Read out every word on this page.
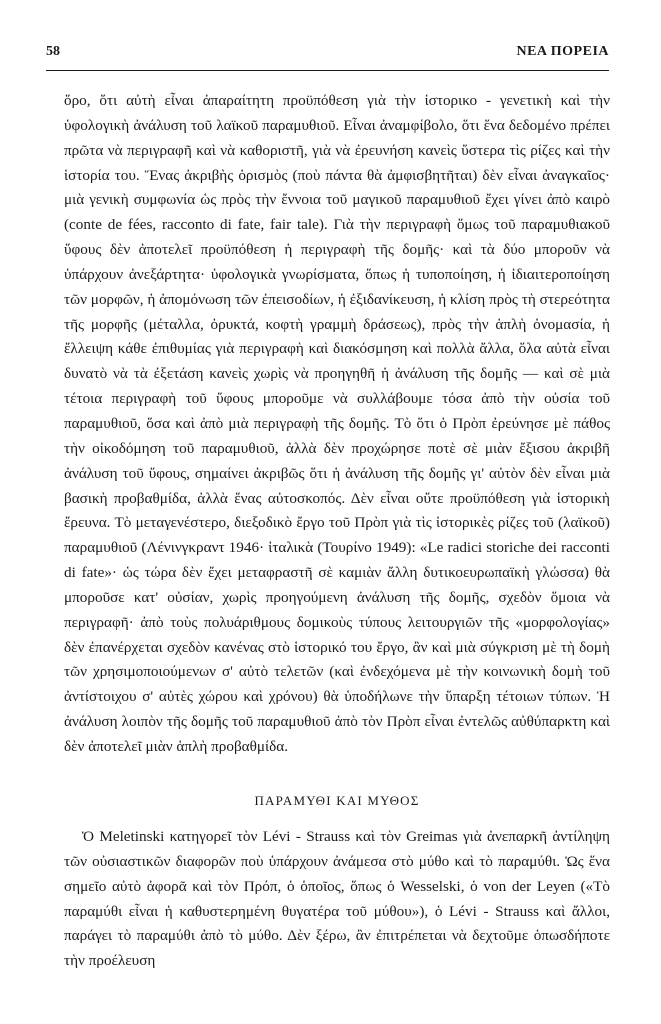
58	ΝΕΑ ΠΟΡΕΙΑ
ὅρο, ὅτι αὐτὴ εἶναι ἀπαραίτητη προϋπόθεση γιὰ τὴν ἱστορικο - γενετικὴ καὶ τὴν ὑφολογικὴ ἀνάλυση τοῦ λαϊκοῦ παραμυθιοῦ. Εἶναι ἀναμφίβολο, ὅτι ἕνα δεδομένο πρέπει πρῶτα νὰ περιγραφῆ καὶ νὰ καθοριστῆ, γιὰ νὰ ἐρευνήση κανεὶς ὕστερα τὶς ρίζες καὶ τὴν ἱστορία του. Ἕνας ἀκριβὴς ὁρισμὸς (ποὺ πάντα θὰ ἀμφισβητῆται) δὲν εἶναι ἀναγκαῖος· μιὰ γενικὴ συμφωνία ὡς πρὸς τὴν ἔννοια τοῦ μαγικοῦ παραμυθιοῦ ἔχει γίνει ἀπὸ καιρὸ (conte de fées, racconto di fate, fair tale). Γιὰ τὴν περιγραφὴ ὅμως τοῦ παραμυθιακοῦ ὕφους δὲν ἀποτελεῖ προϋπόθεση ἡ περιγραφὴ τῆς δομῆς· καὶ τὰ δύο μποροῦν νὰ ὑπάρχουν ἀνεξάρτητα· ὑφολογικὰ γνωρίσματα, ὅπως ἡ τυποποίηση, ἡ ἰδιαιτεροποίηση τῶν μορφῶν, ἡ ἀπομόνωση τῶν ἐπεισοδίων, ἡ ἐξιδανίκευση, ἡ κλίση πρὸς τὴ στερεότητα τῆς μορφῆς (μέταλλα, ὀρυκτά, κοφτὴ γραμμὴ δράσεως), πρὸς τὴν ἁπλὴ ὀνομασία, ἡ ἔλλειψη κάθε ἐπιθυμίας γιὰ περιγραφὴ καὶ διακόσμηση καὶ πολλὰ ἄλλα, ὅλα αὐτὰ εἶναι δυνατὸ νὰ τὰ ἐξετάση κανεὶς χωρὶς νὰ προηγηθῆ ἡ ἀνάλυση τῆς δομῆς — καὶ σὲ μιὰ τέτοια περιγραφὴ τοῦ ὕφους μποροῦμε νὰ συλλάβουμε τόσα ἀπὸ τὴν οὐσία τοῦ παραμυθιοῦ, ὅσα καὶ ἀπὸ μιὰ περιγραφὴ τῆς δομῆς. Τὸ ὅτι ὁ Πρὸπ ἐρεύνησε μὲ πάθος τὴν οἰκοδόμηση τοῦ παραμυθιοῦ, ἀλλὰ δὲν προχώρησε ποτὲ σὲ μιὰν ἔξισου ἀκριβῆ ἀνάλυση τοῦ ὕφους, σημαίνει ἀκριβῶς ὅτι ἡ ἀνάλυση τῆς δομῆς γι' αὐτὸν δὲν εἶναι μιὰ βασικὴ προβαθμίδα, ἀλλὰ ἕνας αὐτοσκοπός. Δὲν εἶναι οὔτε προϋπόθεση γιὰ ἱστορικὴ ἔρευνα. Τὸ μεταγενέστερο, διεξοδικὸ ἔργο τοῦ Πρὸπ γιὰ τὶς ἱστορικὲς ρίζες τοῦ (λαϊκοῦ) παραμυθιοῦ (Λένινγκραντ 1946· ἰταλικὰ (Τουρίνο 1949): «Le radici storiche dei racconti di fate»· ὡς τώρα δὲν ἔχει μεταφραστῆ σὲ καμιὰν ἄλλη δυτικοευρωπαϊκὴ γλώσσα) θὰ μποροῦσε κατ' οὐσίαν, χωρὶς προηγούμενη ἀνάλυση τῆς δομῆς, σχεδὸν ὅμοια νὰ περιγραφῆ· ἀπὸ τοὺς πολυάριθμους δομικοὺς τύπους λειτουργιῶν τῆς «μορφολογίας» δὲν ἐπανέρχεται σχεδὸν κανένας στὸ ἱστορικό του ἔργο, ἂν καὶ μιὰ σύγκριση μὲ τὴ δομὴ τῶν χρησιμοποιούμενων σ' αὐτὸ τελετῶν (καὶ ἐνδεχόμενα μὲ τὴν κοινωνικὴ δομὴ τοῦ ἀντίστοιχου σ' αὐτὲς χώρου καὶ χρόνου) θὰ ὑποδήλωνε τὴν ὕπαρξη τέτοιων τύπων. Ἡ ἀνάλυση λοιπὸν τῆς δομῆς τοῦ παραμυθιοῦ ἀπὸ τὸν Πρὸπ εἶναι ἐντελῶς αὐθύπαρκτη καὶ δὲν ἀποτελεῖ μιὰν ἁπλὴ προβαθμίδα.
ΠΑΡΑΜΥΘΙ ΚΑΙ ΜΥΘΟΣ
Ὁ Meletinski κατηγορεῖ τὸν Lévi - Strauss καὶ τὸν Greimas γιὰ ἀνεπαρκῆ ἀντίληψη τῶν οὐσιαστικῶν διαφορῶν ποὺ ὑπάρχουν ἀνάμεσα στὸ μύθο καὶ τὸ παραμύθι. Ὡς ἕνα σημεῖο αὐτὸ ἀφορᾶ καὶ τὸν Πρόπ, ὁ ὁποῖος, ὅπως ὁ Wesselski, ὁ von der Leyen («Τὸ παραμύθι εἶναι ἡ καθυστερημένη θυγατέρα τοῦ μύθου»), ὁ Lévi - Strauss καὶ ἄλλοι, παράγει τὸ παραμύθι ἀπὸ τὸ μύθο. Δὲν ξέρω, ἂν ἐπιτρέπεται νὰ δεχτοῦμε ὁπωσδήποτε τὴν προέλευση
